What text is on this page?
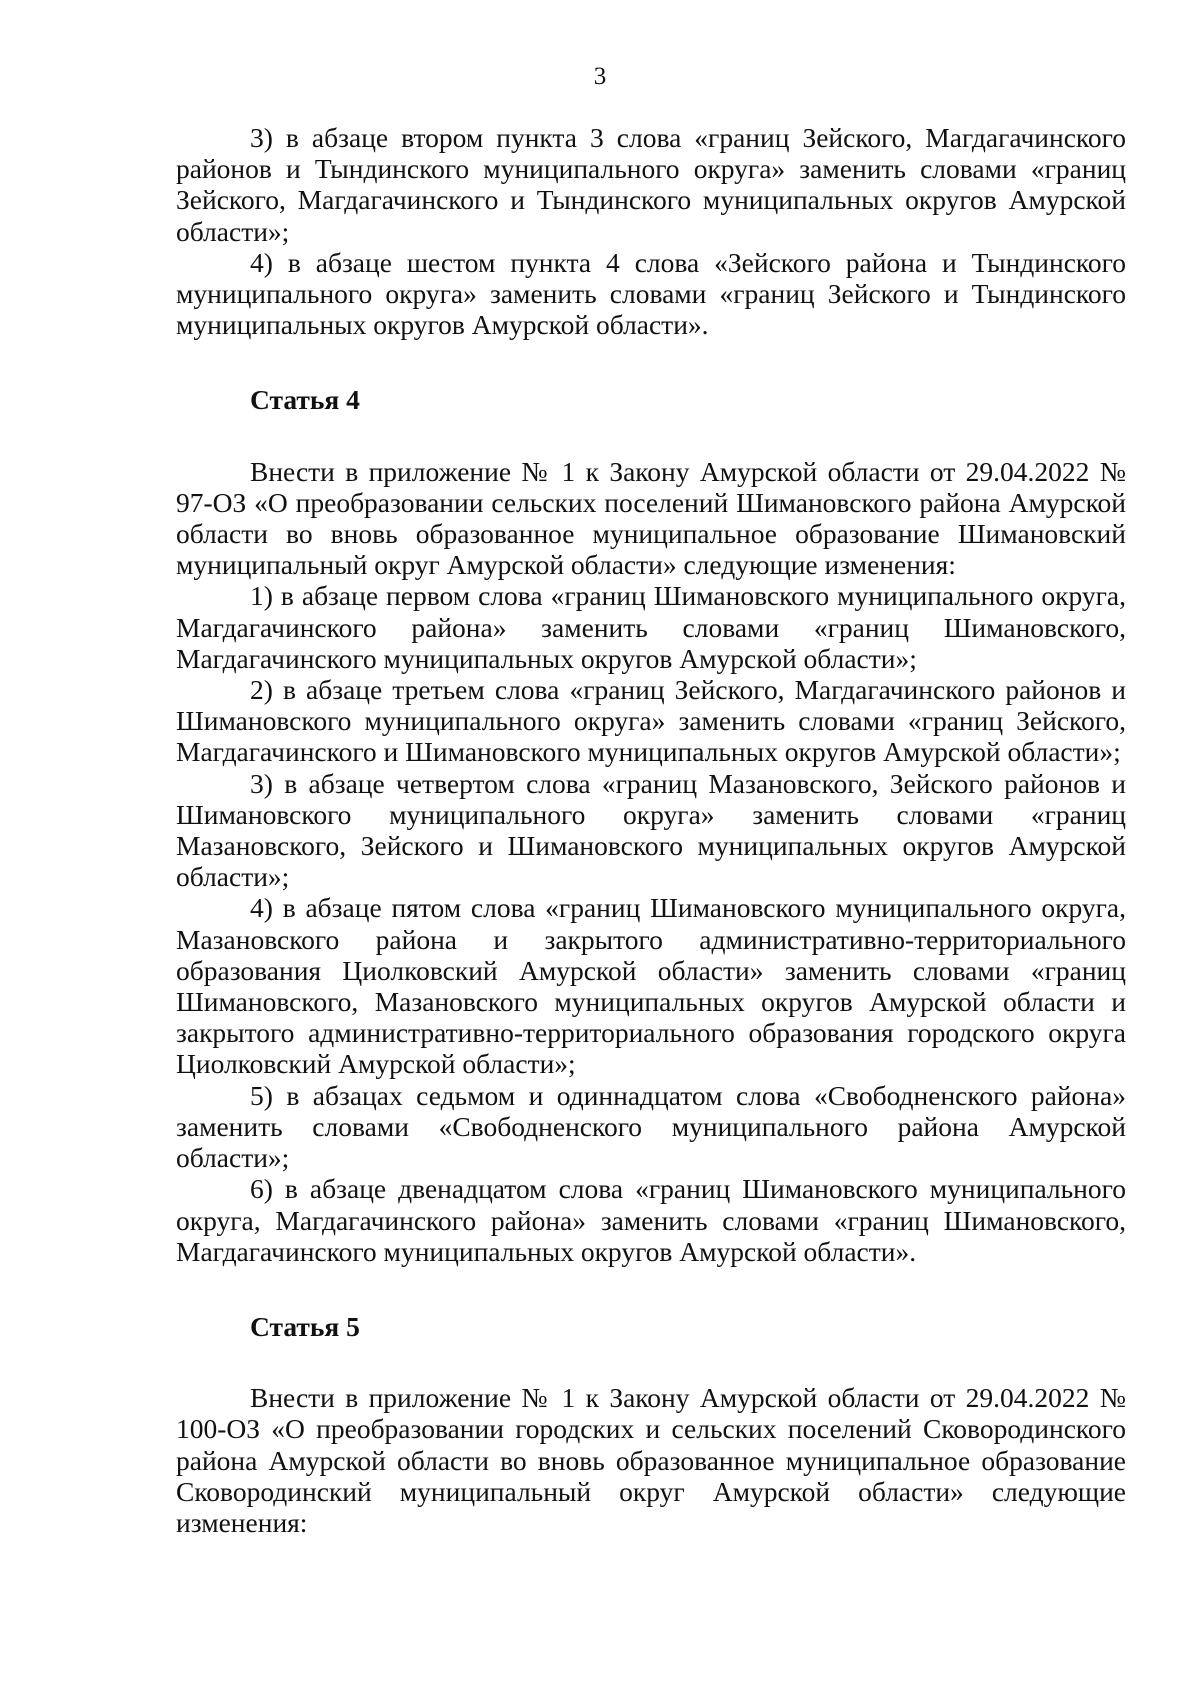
3

3) в абзаце втором пункта 3 слова «границ Зейского, Магдагачинского районов и Тындинского муниципального округа» заменить словами «границ Зейского, Магдагачинского и Тындинского муниципальных округов Амурской области»;

4) в абзаце шестом пункта 4 слова «Зейского района и Тындинского муниципального округа» заменить словами «границ Зейского и Тындинского муниципальных округов Амурской области».

Статья 4

Внести в приложение № 1 к Закону Амурской области от 29.04.2022 № 97-ОЗ «О преобразовании сельских поселений Шимановского района Амурской области во вновь образованное муниципальное образование Шимановский муниципальный округ Амурской области» следующие изменения:

1) в абзаце первом слова «границ Шимановского муниципального округа, Магдагачинского района» заменить словами «границ Шимановского, Магдагачинского муниципальных округов Амурской области»;

2) в абзаце третьем слова «границ Зейского, Магдагачинского районов и Шимановского муниципального округа» заменить словами «границ Зейского, Магдагачинского и Шимановского муниципальных округов Амурской области»;

3) в абзаце четвертом слова «границ Мазановского, Зейского районов и Шимановского муниципального округа» заменить словами «границ Мазановского, Зейского и Шимановского муниципальных округов Амурской области»;

4) в абзаце пятом слова «границ Шимановского муниципального округа, Мазановского района и закрытого административно-территориального образования Циолковский Амурской области» заменить словами «границ Шимановского, Мазановского муниципальных округов Амурской области и закрытого административно-территориального образования городского округа Циолковский Амурской области»;

5) в абзацах седьмом и одиннадцатом слова «Свободненского района» заменить словами «Свободненского муниципального района Амурской области»;

6) в абзаце двенадцатом слова «границ Шимановского муниципального округа, Магдагачинского района» заменить словами «границ Шимановского, Магдагачинского муниципальных округов Амурской области».

Статья 5

Внести в приложение № 1 к Закону Амурской области от 29.04.2022 № 100-ОЗ «О преобразовании городских и сельских поселений Сковородинского района Амурской области во вновь образованное муниципальное образование Сковородинский муниципальный округ Амурской области» следующие изменения:
